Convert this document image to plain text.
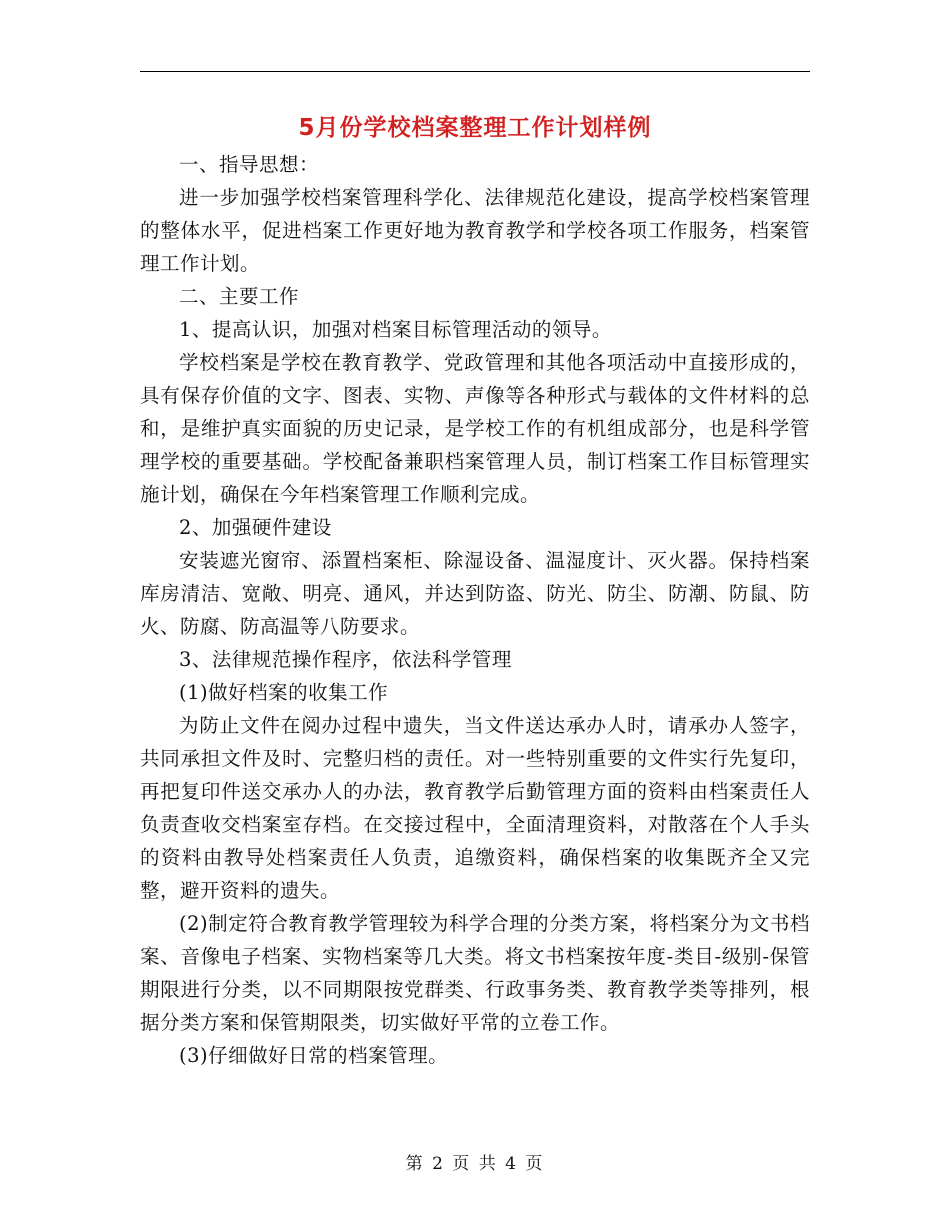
5月份学校档案整理工作计划样例

一、指导思想：

进一步加强学校档案管理科学化、法律规范化建设，提高学校档案管理的整体水平，促进档案工作更好地为教育教学和学校各项工作服务，档案管理工作计划。

二、主要工作

1、提高认识，加强对档案目标管理活动的领导。

学校档案是学校在教育教学、党政管理和其他各项活动中直接形成的，具有保存价值的文字、图表、实物、声像等各种形式与载体的文件材料的总和，是维护真实面貌的历史记录，是学校工作的有机组成部分，也是科学管理学校的重要基础。学校配备兼职档案管理人员，制订档案工作目标管理实施计划，确保在今年档案管理工作顺利完成。

2、加强硬件建设

安装遮光窗帘、添置档案柜、除湿设备、温湿度计、灭火器。保持档案库房清洁、宽敞、明亮、通风，并达到防盗、防光、防尘、防潮、防鼠、防火、防腐、防高温等八防要求。

3、法律规范操作程序，依法科学管理

(1)做好档案的收集工作

为防止文件在阅办过程中遗失，当文件送达承办人时，请承办人签字，共同承担文件及时、完整归档的责任。对一些特别重要的文件实行先复印，再把复印件送交承办人的办法，教育教学后勤管理方面的资料由档案责任人负责查收交档案室存档。在交接过程中，全面清理资料，对散落在个人手头的资料由教导处档案责任人负责，追缴资料，确保档案的收集既齐全又完整，避开资料的遗失。

(2)制定符合教育教学管理较为科学合理的分类方案，将档案分为文书档案、音像电子档案、实物档案等几大类。将文书档案按年度-类目-级别-保管期限进行分类，以不同期限按党群类、行政事务类、教育教学类等排列，根据分类方案和保管期限类，切实做好平常的立卷工作。

(3)仔细做好日常的档案管理。

第 2 页 共 4 页
